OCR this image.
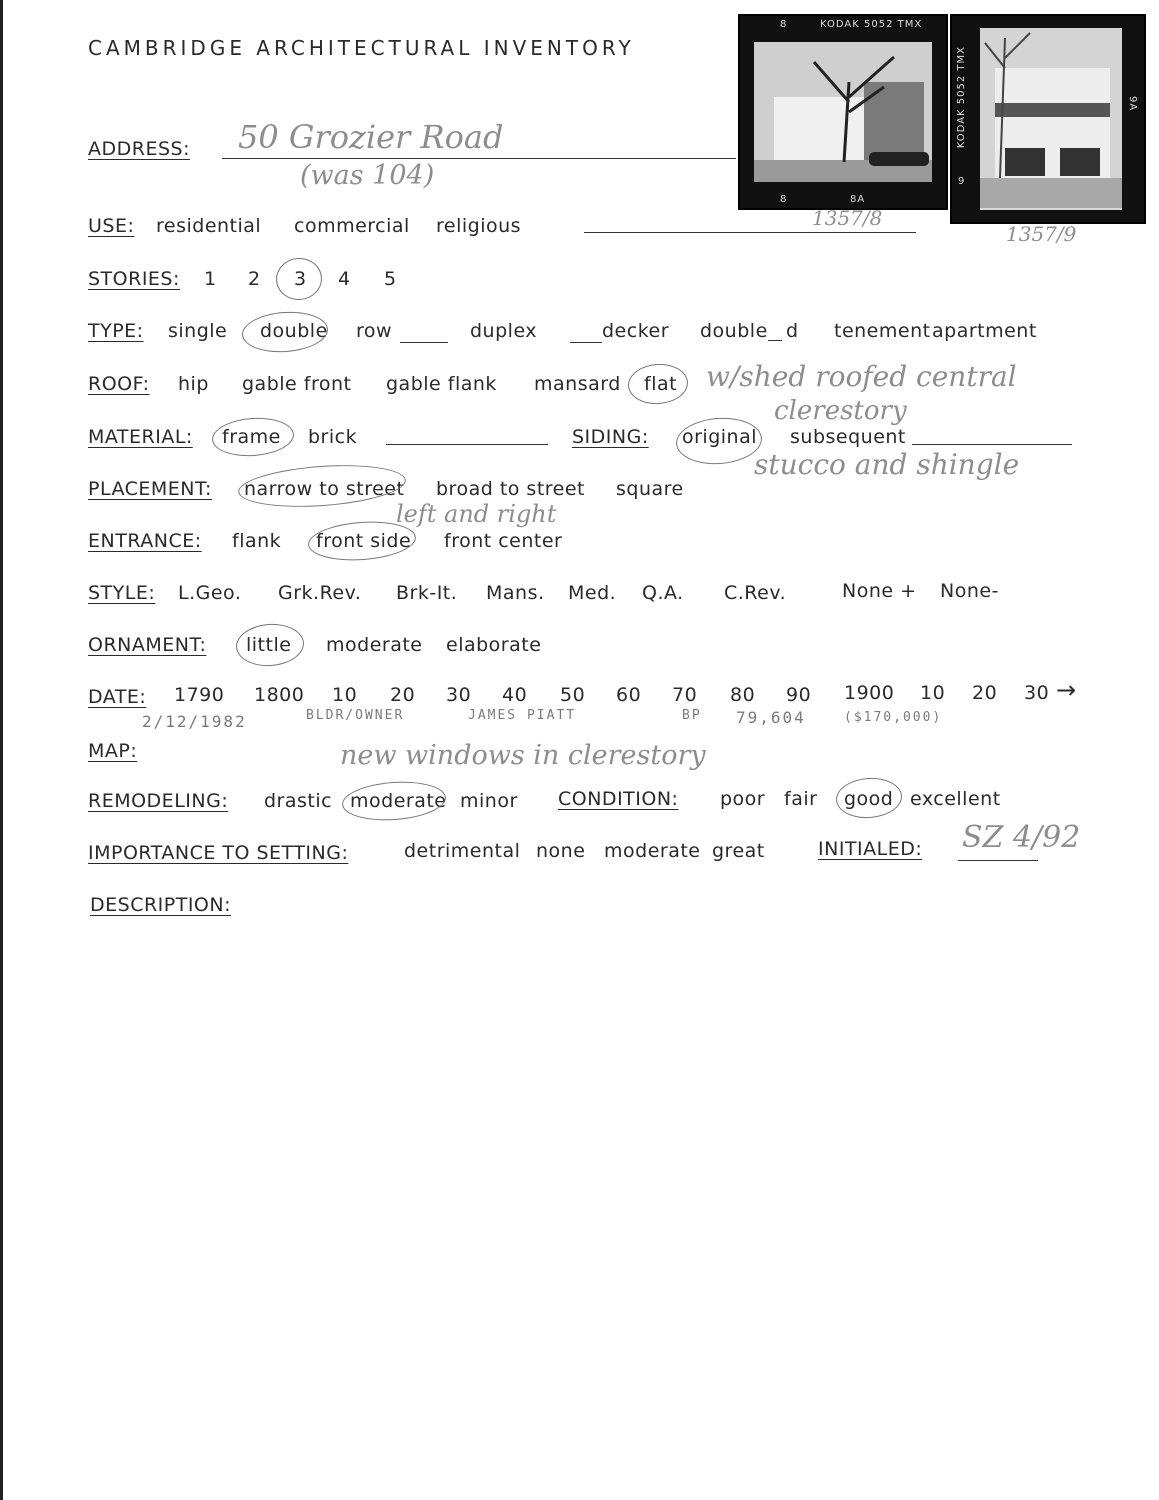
CAMBRIDGE ARCHITECTURAL INVENTORY
KODAK 5052 TMX
8
8	8A
1357/8
KODAK 5052 TMX
9
9A
1357/9
ADDRESS: 50 Grozier Road
(was 104)
USE: residential commercial religious
STORIES: 1 2 3 4 5
TYPE: single double row	duplex	decker double d tenement apartment
ROOF: hip gable front gable flank mansard flat w/shed roofed central
clerestory
MATERIAL: frame brick	SIDING: original subsequent
stucco and shingle
PLACEMENT: narrow to street broad to street square
ENTRANCE: flank front side front center
left and right
STYLE: L.Geo. Grk.Rev. Brk-It. Mans. Med. Q.A. C.Rev.	None + None-
ORNAMENT: little moderate elaborate
DATE: 1790 1800 10 20 30 40 50 60 70 80 90 1900 10 20 30 →
2/12/1982	BLDR/OWNER	JAMES PIATT	BP 79,604	($170,000)
MAP:	new windows in clerestory
REMODELING: drastic moderate minor CONDITION: poor fair good excellent
IMPORTANCE TO SETTING:	detrimental none moderate great	INITIALED: SZ 4/92
DESCRIPTION:
